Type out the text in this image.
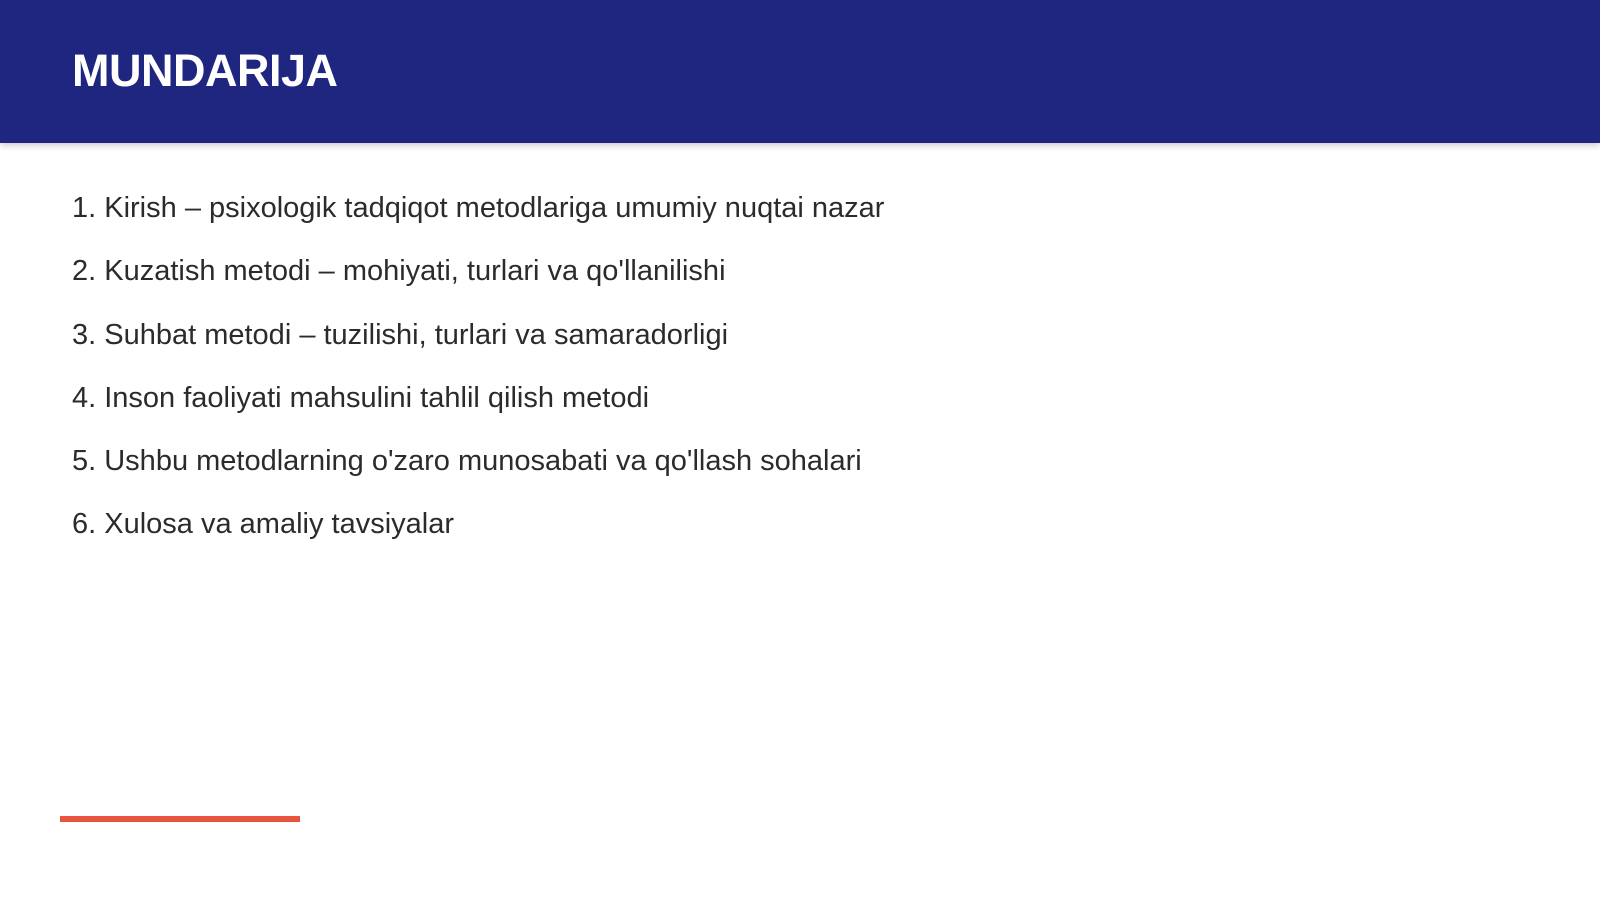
MUNDARIJA
1. Kirish – psixologik tadqiqot metodlariga umumiy nuqtai nazar
2. Kuzatish metodi – mohiyati, turlari va qo'llanilishi
3. Suhbat metodi – tuzilishi, turlari va samaradorligi
4. Inson faoliyati mahsulini tahlil qilish metodi
5. Ushbu metodlarning o'zaro munosabati va qo'llash sohalari
6. Xulosa va amaliy tavsiyalar
